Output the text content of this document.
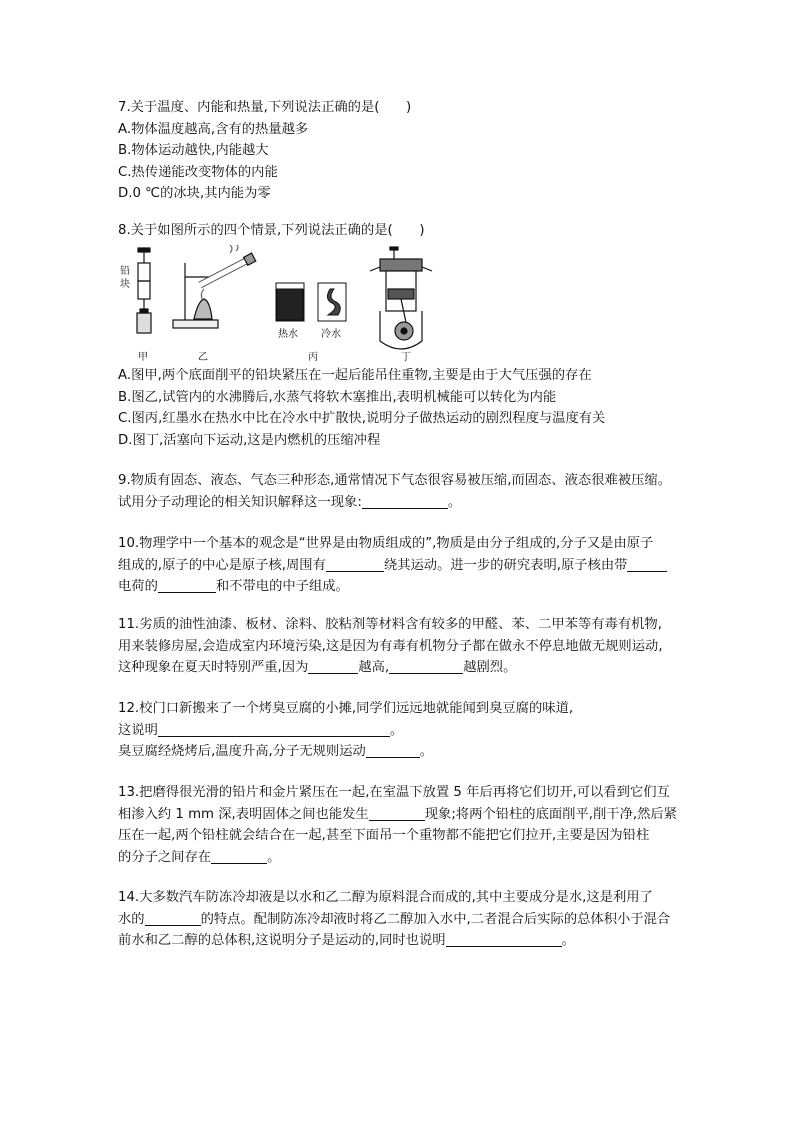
7.关于温度、内能和热量,下列说法正确的是(　　)

A.物体温度越高,含有的热量越多

B.物体运动越快,内能越大

C.热传递能改变物体的内能

D.0 ℃的冰块,其内能为零

8.关于如图所示的四个情景,下列说法正确的是(　　)

铅
块
热水 冷水
甲	乙	丙	丁

A.图甲,两个底面削平的铅块紧压在一起后能吊住重物,主要是由于大气压强的存在

B.图乙,试管内的水沸腾后,水蒸气将软木塞推出,表明机械能可以转化为内能

C.图丙,红墨水在热水中比在冷水中扩散快,说明分子做热运动的剧烈程度与温度有关

D.图丁,活塞向下运动,这是内燃机的压缩冲程

9.物质有固态、液态、气态三种形态,通常情况下气态很容易被压缩,而固态、液态很难被压缩。

试用分子动理论的相关知识解释这一现象:	。

10.物理学中一个基本的观念是“世界是由物质组成的”,物质是由分子组成的,分子又是由原子

组成的,原子的中心是原子核,周围有	绕其运动。进一步的研究表明,原子核由带

电荷的	和不带电的中子组成。

11.劣质的油性油漆、板材、涂料、胶粘剂等材料含有较多的甲醛、苯、二甲苯等有毒有机物,

用来装修房屋,会造成室内环境污染,这是因为有毒有机物分子都在做永不停息地做无规则运动,

这种现象在夏天时特别严重,因为	越高,	越剧烈。

12.校门口新搬来了一个烤臭豆腐的小摊,同学们远远地就能闻到臭豆腐的味道,

这说明	。

臭豆腐经烧烤后,温度升高,分子无规则运动	。

13.把磨得很光滑的铅片和金片紧压在一起,在室温下放置 5 年后再将它们切开,可以看到它们互

相渗入约 1 mm 深,表明固体之间也能发生	现象;将两个铅柱的底面削平,削干净,然后紧

压在一起,两个铅柱就会结合在一起,甚至下面吊一个重物都不能把它们拉开,主要是因为铅柱

的分子之间存在	。

14.大多数汽车防冻冷却液是以水和乙二醇为原料混合而成的,其中主要成分是水,这是利用了

水的	的特点。配制防冻冷却液时将乙二醇加入水中,二者混合后实际的总体积小于混合

前水和乙二醇的总体积,这说明分子是运动的,同时也说明	。
